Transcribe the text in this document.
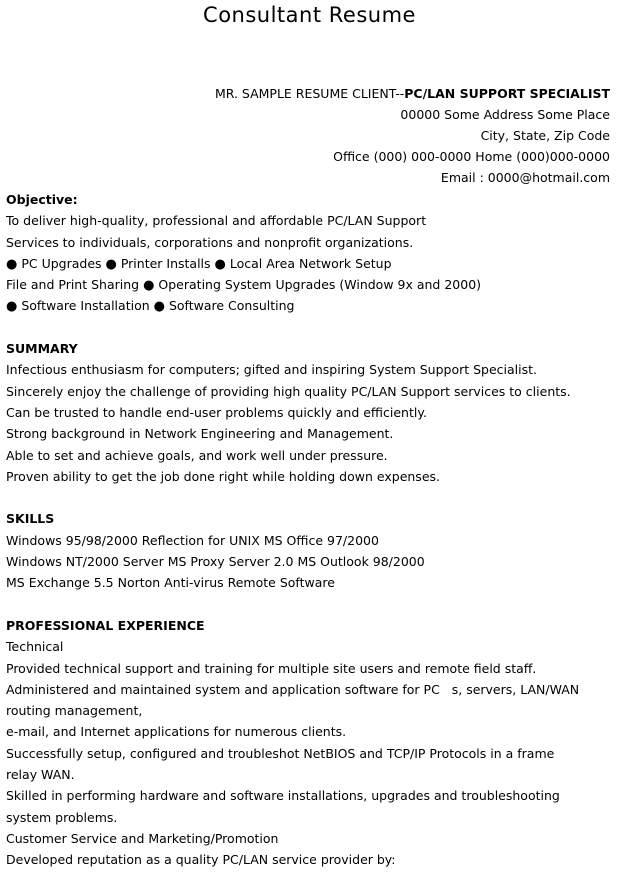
Consultant Resume
MR. SAMPLE RESUME CLIENT--PC/LAN SUPPORT SPECIALIST
00000 Some Address Some Place
City, State, Zip Code
Office (000) 000-0000 Home (000)000-0000
Email : 0000@hotmail.com
Objective:
To deliver high-quality, professional and affordable PC/LAN Support
Services to individuals, corporations and nonprofit organizations.
● PC Upgrades ● Printer Installs ● Local Area Network Setup
File and Print Sharing ● Operating System Upgrades (Window 9x and 2000)
● Software Installation ● Software Consulting
SUMMARY
Infectious enthusiasm for computers; gifted and inspiring System Support Specialist.
Sincerely enjoy the challenge of providing high quality PC/LAN Support services to clients.
Can be trusted to handle end-user problems quickly and efficiently.
Strong background in Network Engineering and Management.
Able to set and achieve goals, and work well under pressure.
Proven ability to get the job done right while holding down expenses.
SKILLS
Windows 95/98/2000 Reflection for UNIX MS Office 97/2000
Windows NT/2000 Server MS Proxy Server 2.0 MS Outlook 98/2000
MS Exchange 5.5 Norton Anti-virus Remote Software
PROFESSIONAL EXPERIENCE
Technical
Provided technical support and training for multiple site users and remote field staff.
Administered and maintained system and application software for PC   s, servers, LAN/WAN
routing management,
e-mail, and Internet applications for numerous clients.
Successfully setup, configured and troubleshot NetBIOS and TCP/IP Protocols in a frame
relay WAN.
Skilled in performing hardware and software installations, upgrades and troubleshooting
system problems.
Customer Service and Marketing/Promotion
Developed reputation as a quality PC/LAN service provider by:
